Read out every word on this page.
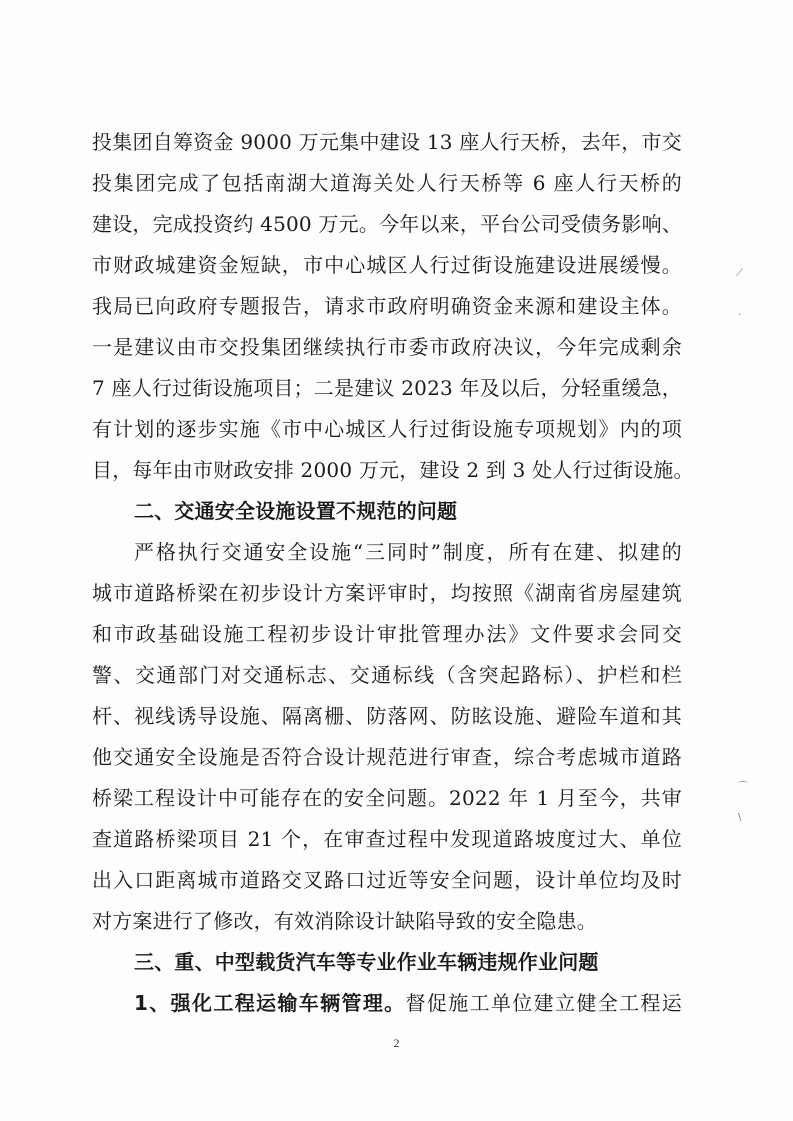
投集团自筹资金 9000 万元集中建设 13 座人行天桥，去年，市交
投集团完成了包括南湖大道海关处人行天桥等 6 座人行天桥的
建设，完成投资约 4500 万元。今年以来，平台公司受债务影响、
市财政城建资金短缺，市中心城区人行过街设施建设进展缓慢。
我局已向政府专题报告，请求市政府明确资金来源和建设主体。
一是建议由市交投集团继续执行市委市政府决议，今年完成剩余
7 座人行过街设施项目；二是建议 2023 年及以后，分轻重缓急，
有计划的逐步实施《市中心城区人行过街设施专项规划》内的项
目，每年由市财政安排 2000 万元，建设 2 到 3 处人行过街设施。
二、交通安全设施设置不规范的问题
严格执行交通安全设施“三同时”制度，所有在建、拟建的
城市道路桥梁在初步设计方案评审时，均按照《湖南省房屋建筑
和市政基础设施工程初步设计审批管理办法》文件要求会同交
警、交通部门对交通标志、交通标线（含突起路标）、护栏和栏
杆、视线诱导设施、隔离栅、防落网、防眩设施、避险车道和其
他交通安全设施是否符合设计规范进行审查，综合考虑城市道路
桥梁工程设计中可能存在的安全问题。2022 年 1 月至今，共审
查道路桥梁项目 21 个，在审查过程中发现道路坡度过大、单位
出入口距离城市道路交叉路口过近等安全问题，设计单位均及时
对方案进行了修改，有效消除设计缺陷导致的安全隐患。
三、重、中型载货汽车等专业作业车辆违规作业问题
1、强化工程运输车辆管理。督促施工单位建立健全工程运
2
⟋
·
⌒
\
